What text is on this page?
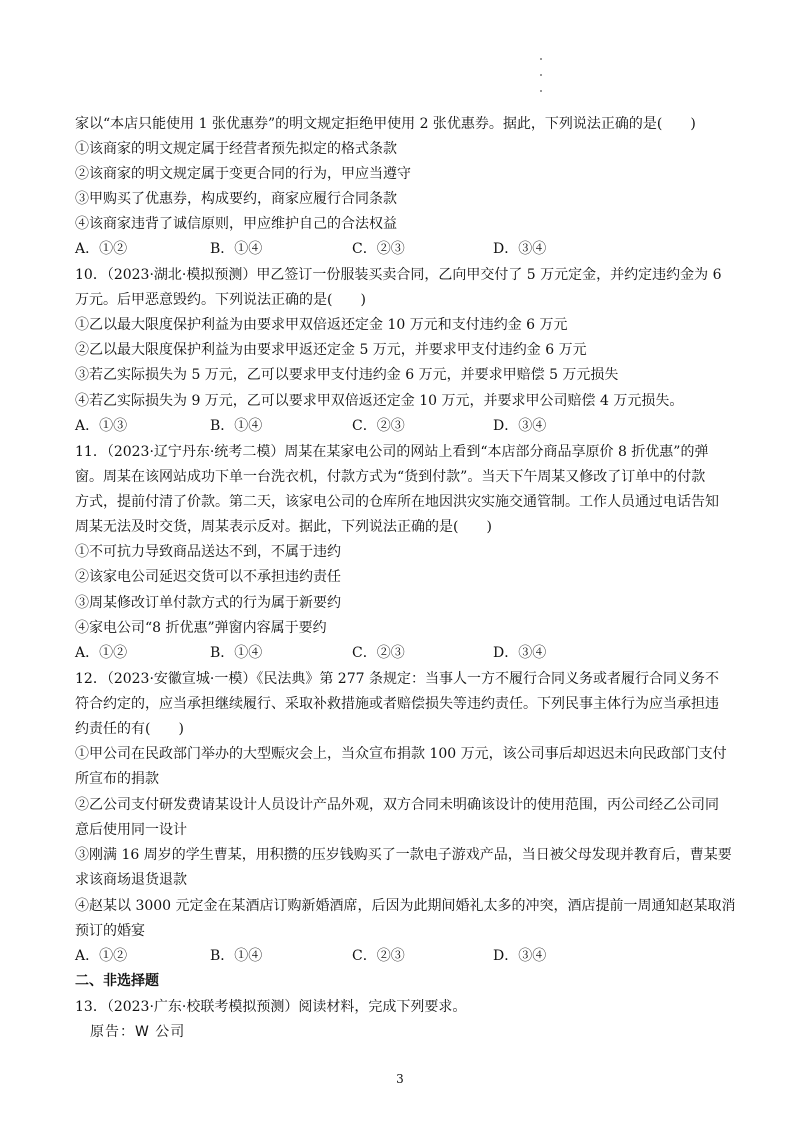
家以“本店只能使用 1 张优惠券”的明文规定拒绝甲使用 2 张优惠券。据此，下列说法正确的是(　　)
①该商家的明文规定属于经营者预先拟定的格式条款
②该商家的明文规定属于变更合同的行为，甲应当遵守
③甲购买了优惠券，构成要约，商家应履行合同条款
④该商家违背了诚信原则，甲应维护自己的合法权益
A．①②	B．①④	C．②③	D．③④
10．（2023·湖北·模拟预测）甲乙签订一份服装买卖合同，乙向甲交付了 5 万元定金，并约定违约金为 6
万元。后甲恶意毁约。下列说法正确的是(　　)
①乙以最大限度保护利益为由要求甲双倍返还定金 10 万元和支付违约金 6 万元
②乙以最大限度保护利益为由要求甲返还定金 5 万元，并要求甲支付违约金 6 万元
③若乙实际损失为 5 万元，乙可以要求甲支付违约金 6 万元，并要求甲赔偿 5 万元损失
④若乙实际损失为 9 万元，乙可以要求甲双倍返还定金 10 万元，并要求甲公司赔偿 4 万元损失。
A．①③	B．①④	C．②③	D．③④
11．（2023·辽宁丹东·统考二模）周某在某家电公司的网站上看到“本店部分商品享原价 8 折优惠”的弹
窗。周某在该网站成功下单一台洗衣机，付款方式为“货到付款”。当天下午周某又修改了订单中的付款
方式，提前付清了价款。第二天，该家电公司的仓库所在地因洪灾实施交通管制。工作人员通过电话告知
周某无法及时交货，周某表示反对。据此，下列说法正确的是(　　)
①不可抗力导致商品送达不到，不属于违约
②该家电公司延迟交货可以不承担违约责任
③周某修改订单付款方式的行为属于新要约
④家电公司“8 折优惠”弹窗内容属于要约
A．①②	B．①④	C．②③	D．③④
12．（2023·安徽宣城·一模）《民法典》第 277 条规定：当事人一方不履行合同义务或者履行合同义务不
符合约定的，应当承担继续履行、采取补救措施或者赔偿损失等违约责任。下列民事主体行为应当承担违
约责任的有(　　)
①甲公司在民政部门举办的大型赈灾会上，当众宣布捐款 100 万元，该公司事后却迟迟未向民政部门支付
所宣布的捐款
②乙公司支付研发费请某设计人员设计产品外观，双方合同未明确该设计的使用范围，丙公司经乙公司同
意后使用同一设计
③刚满 16 周岁的学生曹某，用积攒的压岁钱购买了一款电子游戏产品，当日被父母发现并教育后，曹某要
求该商场退货退款
④赵某以 3000 元定金在某酒店订购新婚酒席，后因为此期间婚礼太多的冲突，酒店提前一周通知赵某取消
预订的婚宴
A．①②	B．①④	C．②③	D．③④
二、非选择题
13．（2023·广东·校联考模拟预测）阅读材料，完成下列要求。
原告：W 公司
3
